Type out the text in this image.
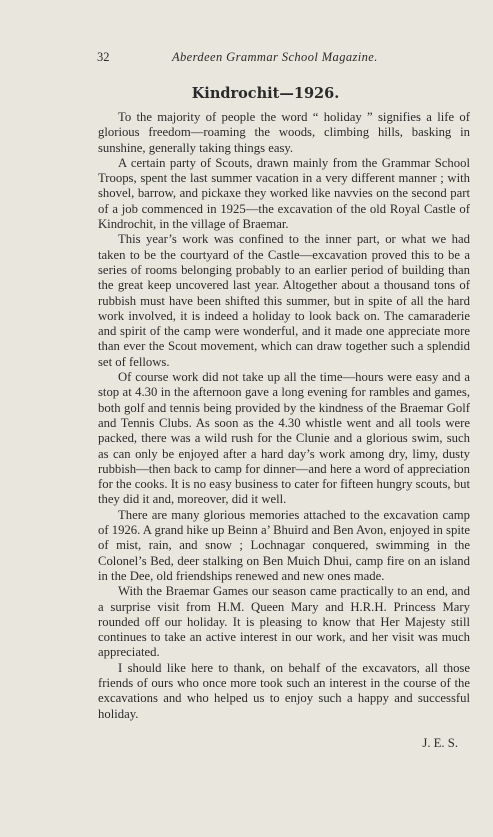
32	Aberdeen Grammar School Magazine.
Kindrochit—1926.

To the majority of people the word “ holiday ” signifies a life of glorious freedom—roaming the woods, climbing hills, basking in sunshine, generally taking things easy.

A certain party of Scouts, drawn mainly from the Grammar School Troops, spent the last summer vacation in a very different manner ; with shovel, barrow, and pickaxe they worked like navvies on the second part of a job commenced in 1925—the excavation of the old Royal Castle of Kindrochit, in the village of Braemar.

This year’s work was confined to the inner part, or what we had taken to be the courtyard of the Castle—excavation proved this to be a series of rooms belonging probably to an earlier period of building than the great keep uncovered last year. Altogether about a thousand tons of rubbish must have been shifted this summer, but in spite of all the hard work involved, it is indeed a holiday to look back on. The camaraderie and spirit of the camp were wonderful, and it made one appreciate more than ever the Scout movement, which can draw together such a splendid set of fellows.

Of course work did not take up all the time—hours were easy and a stop at 4.30 in the afternoon gave a long evening for rambles and games, both golf and tennis being provided by the kindness of the Braemar Golf and Tennis Clubs. As soon as the 4.30 whistle went and all tools were packed, there was a wild rush for the Clunie and a glorious swim, such as can only be enjoyed after a hard day’s work among dry, limy, dusty rubbish—then back to camp for dinner—and here a word of appreciation for the cooks. It is no easy business to cater for fifteen hungry scouts, but they did it and, moreover, did it well.

There are many glorious memories attached to the excavation camp of 1926. A grand hike up Beinn a’ Bhuird and Ben Avon, enjoyed in spite of mist, rain, and snow ; Lochnagar conquered, swimming in the Colonel’s Bed, deer stalking on Ben Muich Dhui, camp fire on an island in the Dee, old friendships renewed and new ones made.

With the Braemar Games our season came practically to an end, and a surprise visit from H.M. Queen Mary and H.R.H. Princess Mary rounded off our holiday. It is pleasing to know that Her Majesty still continues to take an active interest in our work, and her visit was much appreciated.

I should like here to thank, on behalf of the excavators, all those friends of ours who once more took such an interest in the course of the excavations and who helped us to enjoy such a happy and successful holiday.

J. E. S.
